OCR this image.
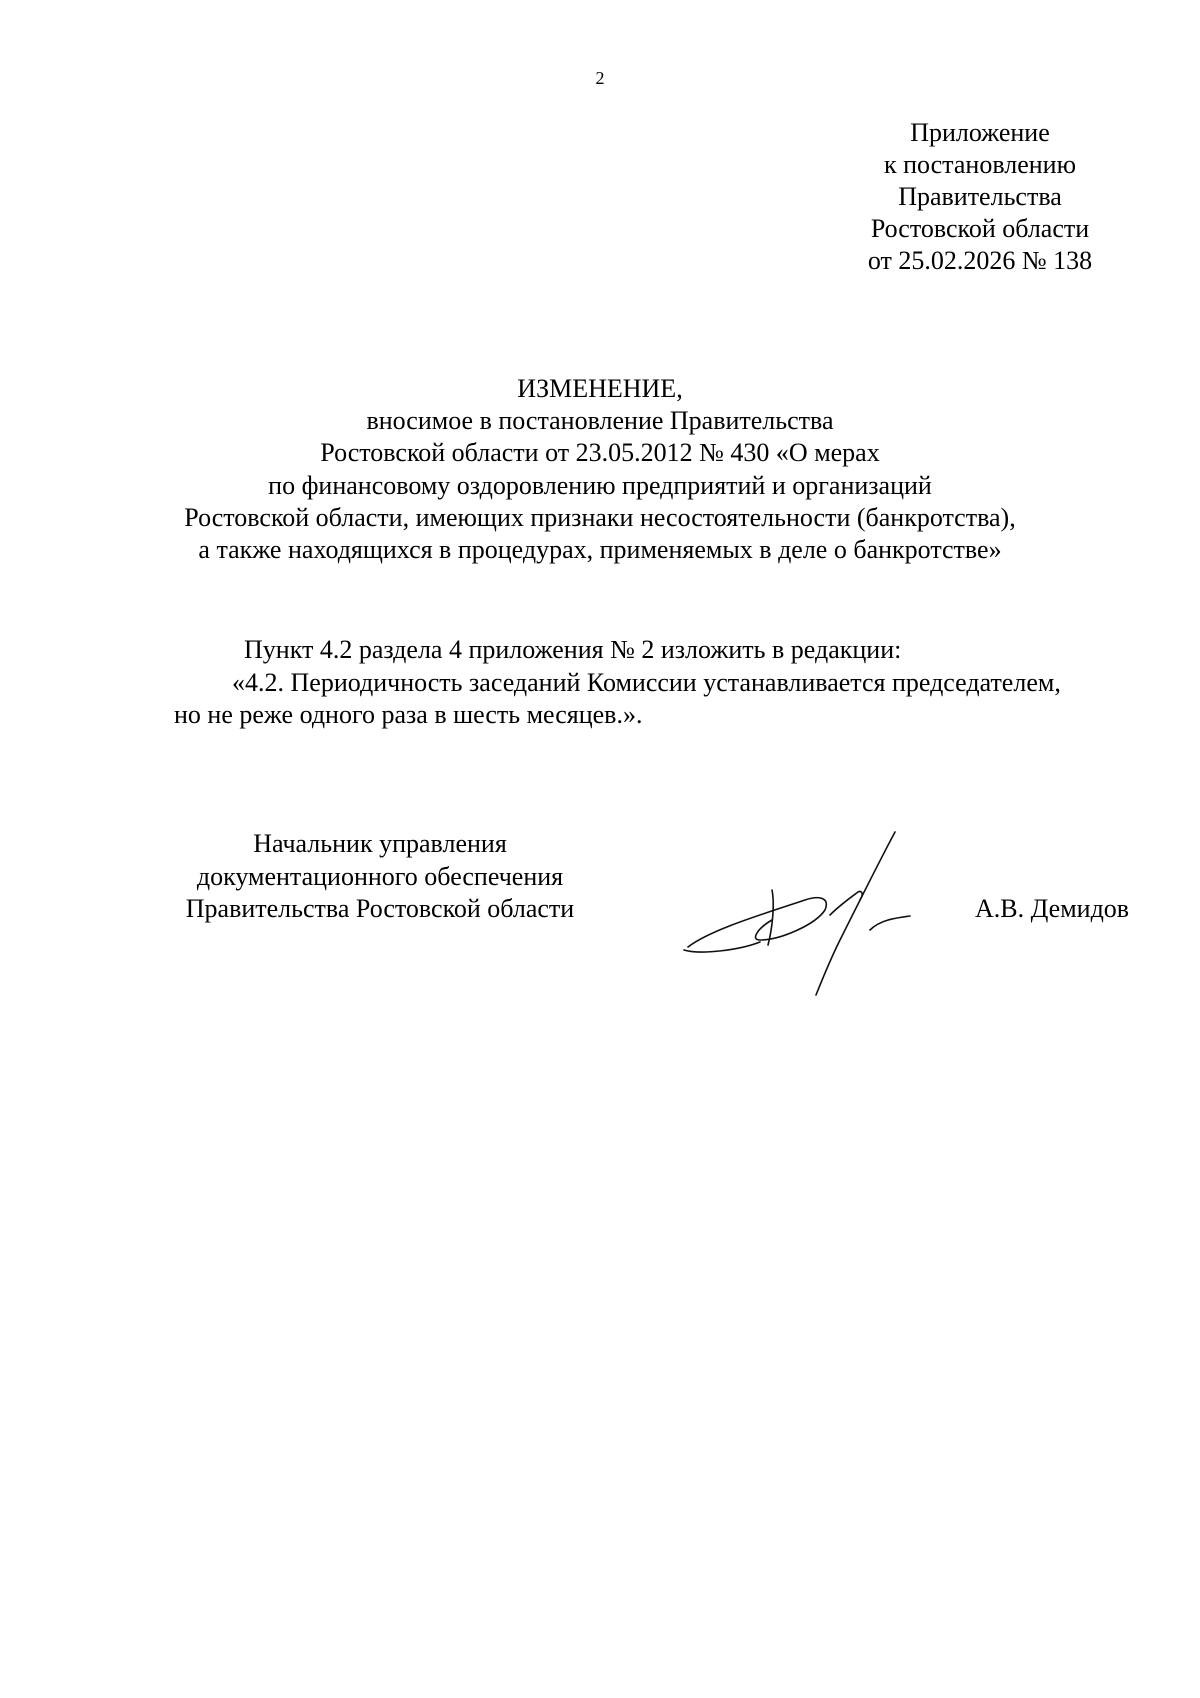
2
Приложение
к постановлению
Правительства
Ростовской области
от 25.02.2026 № 138
ИЗМЕНЕНИЕ,
вносимое в постановление Правительства
Ростовской области от 23.05.2012 № 430 «О мерах
по финансовому оздоровлению предприятий и организаций
Ростовской области, имеющих признаки несостоятельности (банкротства),
а также находящихся в процедурах, применяемых в деле о банкротстве»
Пункт 4.2 раздела 4 приложения № 2 изложить в редакции:
«4.2. Периодичность заседаний Комиссии устанавливается председателем,
но не реже одного раза в шесть месяцев.».
Начальник управления
документационного обеспечения
Правительства Ростовской области	А.В. Демидов
